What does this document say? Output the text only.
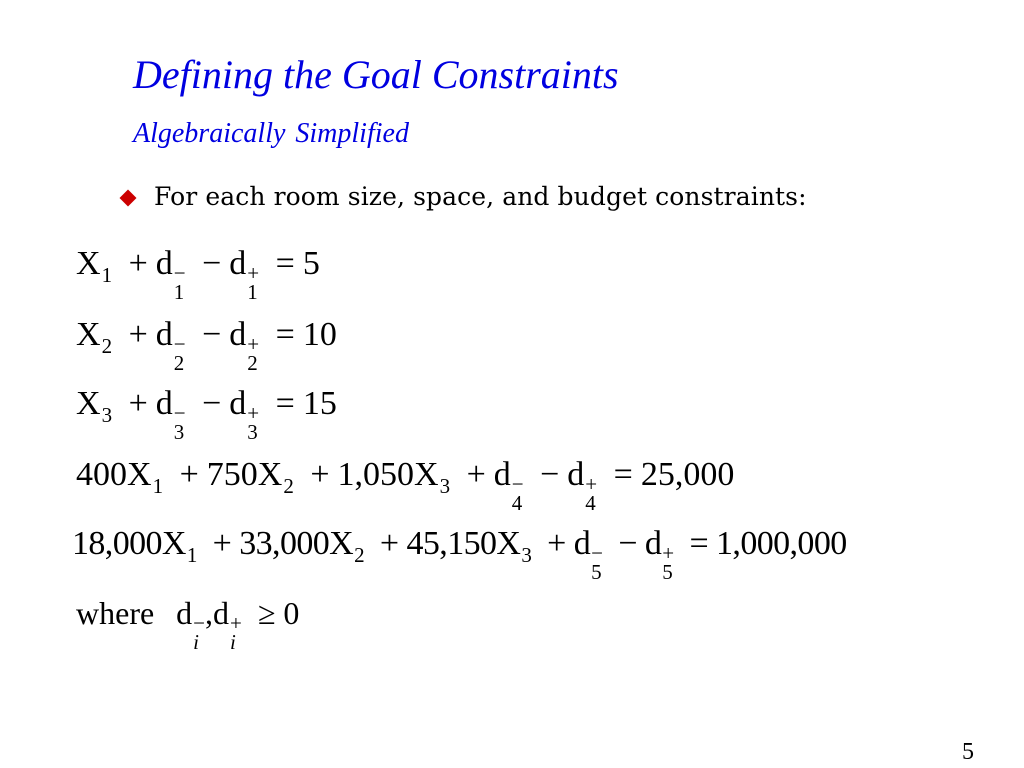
Defining the Goal Constraints
Algebraically Simplified
For each room size, space, and budget constraints:
$X_1 + d$ −
1
− d +
1
= 5
$X_2 + d$ −
2
− d +
2
= 10
$X_3 + d$ −
3
− d +
3
= 15
$400X_1 + 750X_2 + 1,050X_3 + d$ −
4
− d +
4
= 25,000
$18,000X_1 + 33,000X_2 + 45,150X_3 + d$ −
5
− d +
5
= 1,000,000
where d −
i
,d +
i
≥ 0
5
